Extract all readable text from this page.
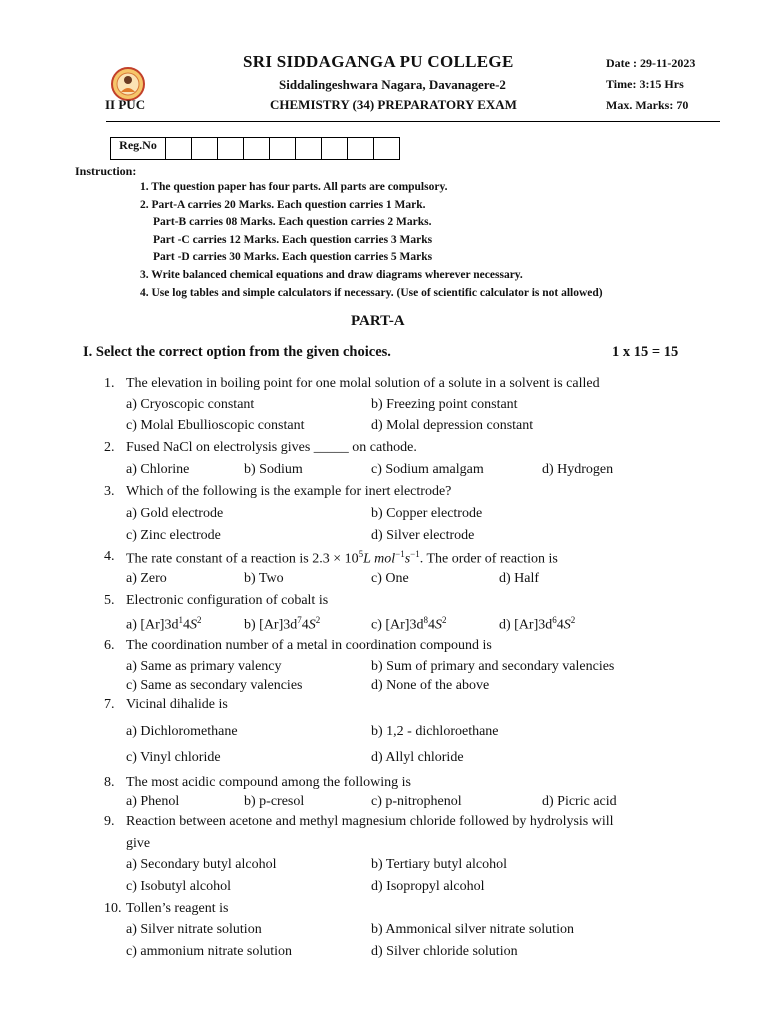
II PUC
SRI SIDDAGANGA PU COLLEGE
Siddalingeshwara Nagara, Davanagere-2
CHEMISTRY (34) PREPARATORY EXAM
Date : 29-11-2023
Time: 3:15 Hrs
Max. Marks: 70
Reg.No									
Instruction:
1. The question paper has four parts. All parts are compulsory.
2. Part-A carries 20 Marks. Each question carries 1 Mark.
Part-B carries 08 Marks. Each question carries 2 Marks.
Part -C carries 12 Marks. Each question carries 3 Marks
Part -D carries 30 Marks. Each question carries 5 Marks
3. Write balanced chemical equations and draw diagrams wherever necessary.
4. Use log tables and simple calculators if necessary. (Use of scientific calculator is not allowed)
PART-A
I. Select the correct option from the given choices.	1 x 15 = 15
1. The elevation in boiling point for one molal solution of a solute in a solvent is called
a) Cryoscopic constant	b) Freezing point constant
c) Molal Ebullioscopic constant	d) Molal depression constant
2. Fused NaCl on electrolysis gives _____ on cathode.
a) Chlorine	b) Sodium	c) Sodium amalgam	d) Hydrogen
3. Which of the following is the example for inert electrode?
a) Gold electrode	b) Copper electrode
c) Zinc electrode	d) Silver electrode
4. The rate constant of a reaction is $2.3 \times 10^5L$ $mol^{-1}s^{-1}$. The order of reaction is
a) Zero	b) Two	c) One	d) Half
5. Electronic configuration of cobalt is
a) $[Ar]3d^14S^2$	b) $[Ar]3d^74S^2$	c) $[Ar]3d^84S^2$	d) $[Ar]3d^64S^2$
6. The coordination number of a metal in coordination compound is
a) Same as primary valency	b) Sum of primary and secondary valencies
c) Same as secondary valencies	d) None of the above
7. Vicinal dihalide is
a) Dichloromethane	b) 1,2 - dichloroethane
c) Vinyl chloride	d) Allyl chloride
8. The most acidic compound among the following is
a) Phenol	b) p-cresol	c) p-nitrophenol	d) Picric acid
9. Reaction between acetone and methyl magnesium chloride followed by hydrolysis will
give
a) Secondary butyl alcohol	b) Tertiary butyl alcohol
c) Isobutyl alcohol	d) Isopropyl alcohol
10. Tollen’s reagent is
a) Silver nitrate solution	b) Ammonical silver nitrate solution
c) ammonium nitrate solution	d) Silver chloride solution
